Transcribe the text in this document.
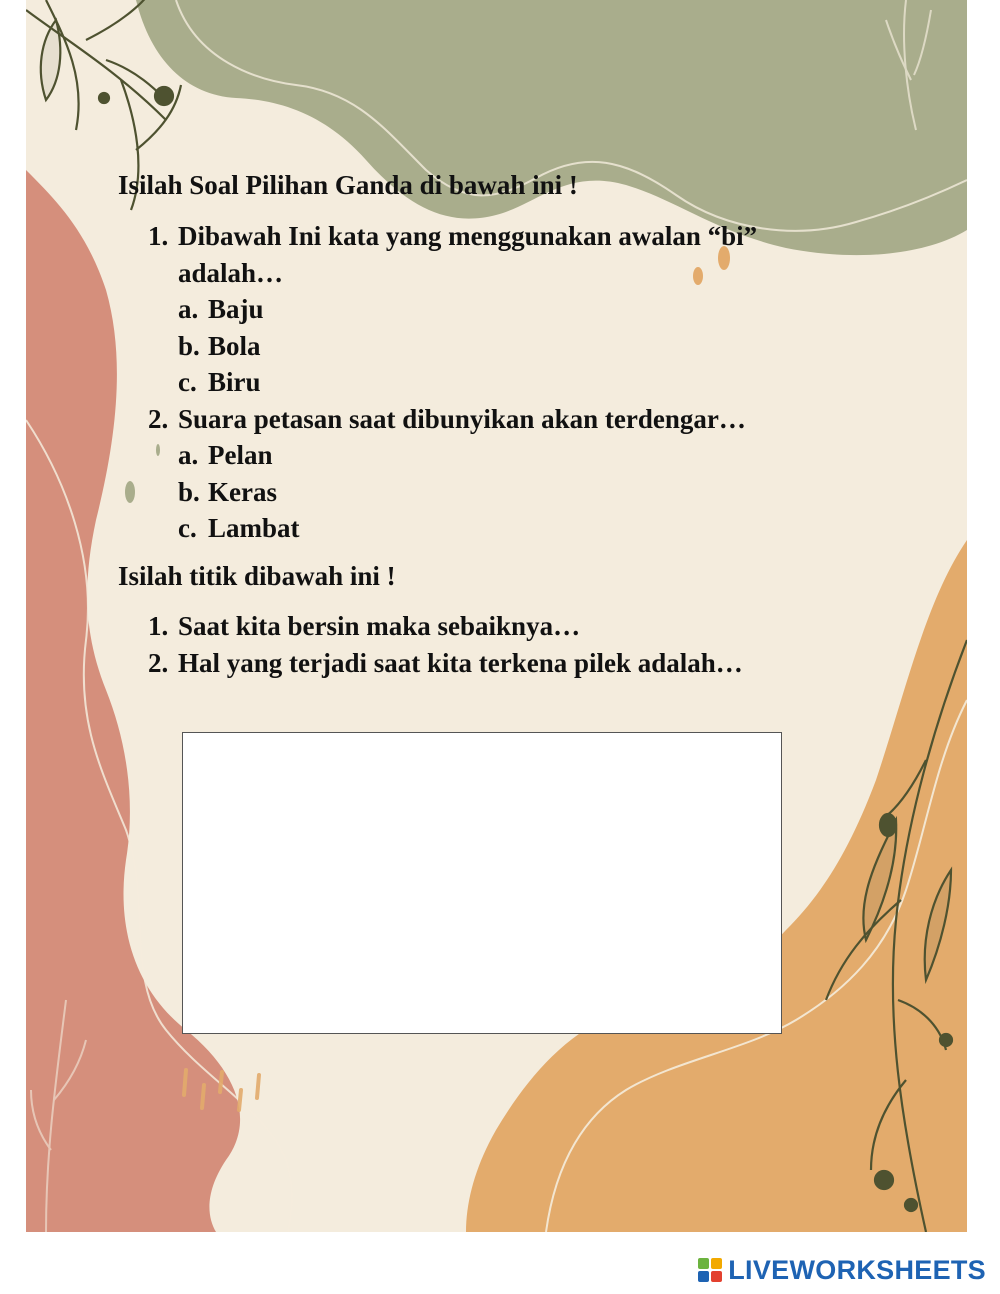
Isilah Soal Pilihan Ganda di bawah ini !
1. Dibawah Ini kata yang menggunakan awalan “bi” adalah…
a. Baju
b. Bola
c. Biru
2. Suara petasan saat dibunyikan akan terdengar…
a. Pelan
b. Keras
c. Lambat
Isilah titik dibawah ini !
1. Saat kita bersin maka sebaiknya…
2. Hal yang terjadi saat kita terkena pilek adalah…
LIVEWORKSHEETS
